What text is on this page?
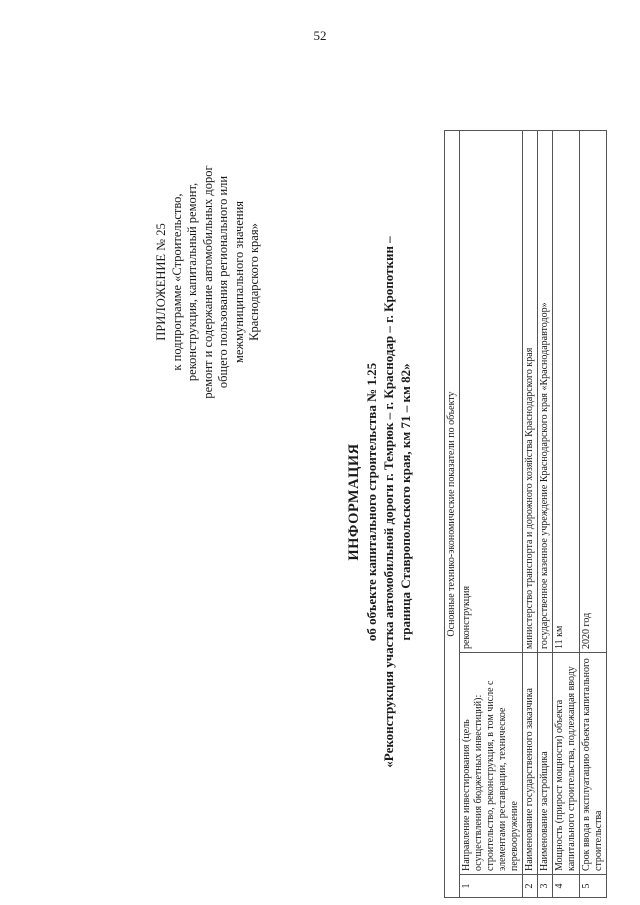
52
ПРИЛОЖЕНИЕ № 25 к подпрограмме «Строительство, реконструкция, капитальный ремонт, ремонт и содержание автомобильных дорог общего пользования регионального или межмуниципального значения Краснодарского края»
ИНФОРМАЦИЯ об объекте капитального строительства № 1.25 «Реконструкция участка автомобильной дороги г. Темрюк – г. Краснодар – г. Кропоткин – граница Ставропольского края, км 71 – км 82»	Основные технико-экономические показатели по объекту		
1	Направление инвестирования (цель осуществления бюджетных инвестиций): строительство, реконструкция, в том числе с элементами реставрации, техническое перевооружение	реконструкция
2	Наименование государственного заказчика	министерство транспорта и дорожного хозяйства Краснодарского края
3	Наименование застройщика	государственное казенное учреждение Краснодарского края «Краснодаравтодор»
4	Мощность (прирост мощности) объекта капитального строительства, подлежащая вводу	11 км
5	Срок ввода в эксплуатацию объекта капитального строительства	2020 год
